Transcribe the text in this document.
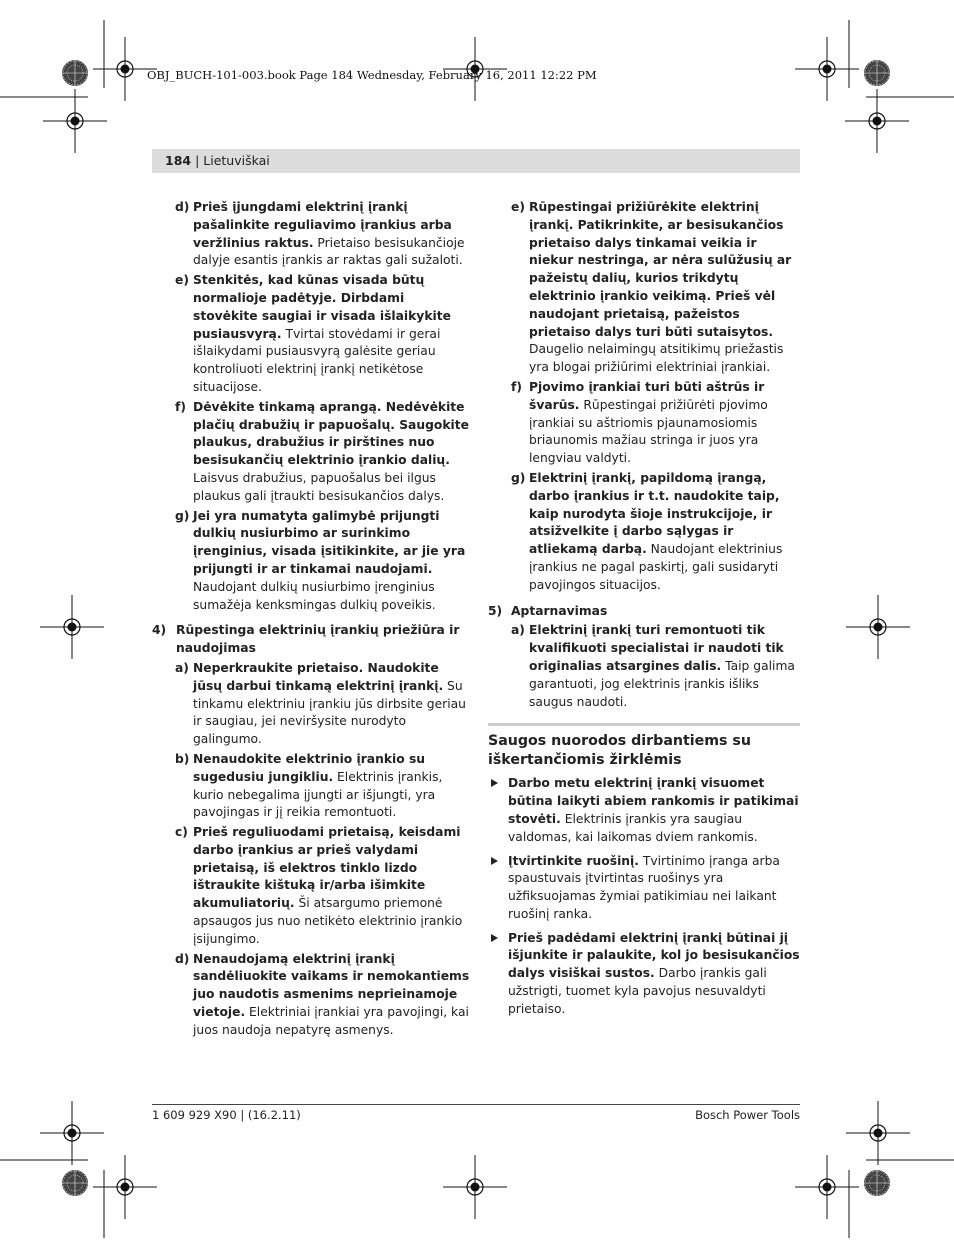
OBJ_BUCH-101-003.book Page 184 Wednesday, February 16, 2011 12:22 PM
184 | Lietuviškai
d) Prieš įjungdami elektrinį įrankį pašalinkite reguliavimo įrankius arba veržlinius raktus. Prietaiso besisukančioje dalyje esantis įrankis ar raktas gali sužaloti.
e) Stenkitės, kad kūnas visada būtų normalioje padėtyje. Dirbdami stovėkite saugiai ir visada išlaikykite pusiausvyrą. Tvirtai stovėdami ir gerai išlaikydami pusiausvyrą galėsite geriau kontroliuoti elektrinį įrankį netikėtose situacijose.
f) Dėvėkite tinkamą aprangą. Nedėvėkite plačių drabužių ir papuošalų. Saugokite plaukus, drabužius ir pirštines nuo besisukančių elektrinio įrankio dalių. Laisvus drabužius, papuošalus bei ilgus plaukus gali įtraukti besisukančios dalys.
g) Jei yra numatyta galimybė prijungti dulkių nusiurbimo ar surinkimo įrenginius, visada įsitikinkite, ar jie yra prijungti ir ar tinkamai naudojami. Naudojant dulkių nusiurbimo įrenginius sumažėja kenksmingas dulkių poveikis.
4) Rūpestinga elektrinių įrankių priežiūra ir naudojimas
a) Neperkraukite prietaiso. Naudokite jūsų darbui tinkamą elektrinį įrankį. Su tinkamu elektriniu įrankiu jūs dirbsite geriau ir saugiau, jei neviršysite nurodyto galingumo.
b) Nenaudokite elektrinio įrankio su sugedusiu jungikliu. Elektrinis įrankis, kurio nebegalima įjungti ar išjungti, yra pavojingas ir jį reikia remontuoti.
c) Prieš reguliuodami prietaisą, keisdami darbo įrankius ar prieš valydami prietaisą, iš elektros tinklo lizdo ištraukite kištuką ir/arba išimkite akumuliatorių. Ši atsargumo priemonė apsaugos jus nuo netikėto elektrinio įrankio įsijungimo.
d) Nenaudojamą elektrinį įrankį sandėliuokite vaikams ir nemokantiems juo naudotis asmenims neprieinamoje vietoje. Elektriniai įrankiai yra pavojingi, kai juos naudoja nepatyrę asmenys.
e) Rūpestingai prižiūrėkite elektrinį įrankį. Patikrinkite, ar besisukančios prietaiso dalys tinkamai veikia ir niekur nestringa, ar nėra sulūžusių ar pažeistų dalių, kurios trikdytų elektrinio įrankio veikimą. Prieš vėl naudojant prietaisą, pažeistos prietaiso dalys turi būti sutaisytos. Daugelio nelaimingų atsitikimų priežastis yra blogai prižiūrimi elektriniai įrankiai.
f) Pjovimo įrankiai turi būti aštrūs ir švarūs. Rūpestingai prižiūrėti pjovimo įrankiai su aštriomis pjaunamosiomis briaunomis mažiau stringa ir juos yra lengviau valdyti.
g) Elektrinį įrankį, papildomą įrangą, darbo įrankius ir t.t. naudokite taip, kaip nurodyta šioje instrukcijoje, ir atsižvelkite į darbo sąlygas ir atliekamą darbą. Naudojant elektrinius įrankius ne pagal paskirtį, gali susidaryti pavojingos situacijos.
5) Aptarnavimas
a) Elektrinį įrankį turi remontuoti tik kvalifikuoti specialistai ir naudoti tik originalias atsargines dalis. Taip galima garantuoti, jog elektrinis įrankis išliks saugus naudoti.
Saugos nuorodos dirbantiems su iškertančiomis žirklėmis
Darbo metu elektrinį įrankį visuomet būtina laikyti abiem rankomis ir patikimai stovėti. Elektrinis įrankis yra saugiau valdomas, kai laikomas dviem rankomis.
Įtvirtinkite ruošinį. Tvirtinimo įranga arba spaustuvais įtvirtintas ruošinys yra užfiksuojamas žymiai patikimiau nei laikant ruošinį ranka.
Prieš padėdami elektrinį įrankį būtinai jį išjunkite ir palaukite, kol jo besisukančios dalys visiškai sustos. Darbo įrankis gali užstrigti, tuomet kyla pavojus nesuvaldyti prietaiso.
1 609 929 X90 | (16.2.11)	Bosch Power Tools
